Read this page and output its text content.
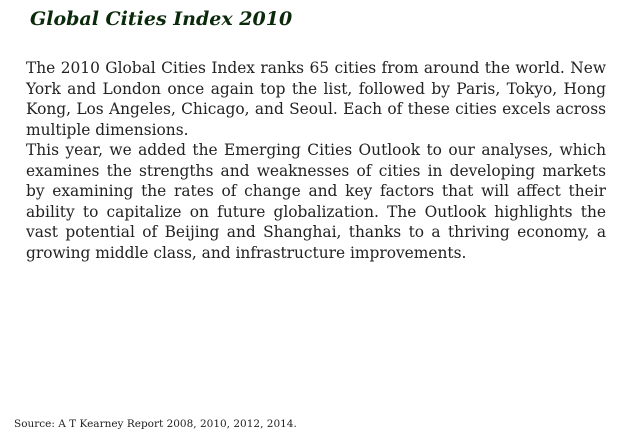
Global Cities Index 2010

The 2010 Global Cities Index ranks 65 cities from around the world. New York and London once again top the list, followed by Paris, Tokyo, Hong Kong, Los Angeles, Chicago, and Seoul. Each of these cities excels across multiple dimensions.

This year, we added the Emerging Cities Outlook to our analyses, which examines the strengths and weaknesses of cities in developing markets by examining the rates of change and key factors that will affect their ability to capitalize on future globalization. The Outlook highlights the vast potential of Beijing and Shanghai, thanks to a thriving economy, a growing middle class, and infrastructure improvements.

Source: A T Kearney Report 2008, 2010, 2012, 2014.
